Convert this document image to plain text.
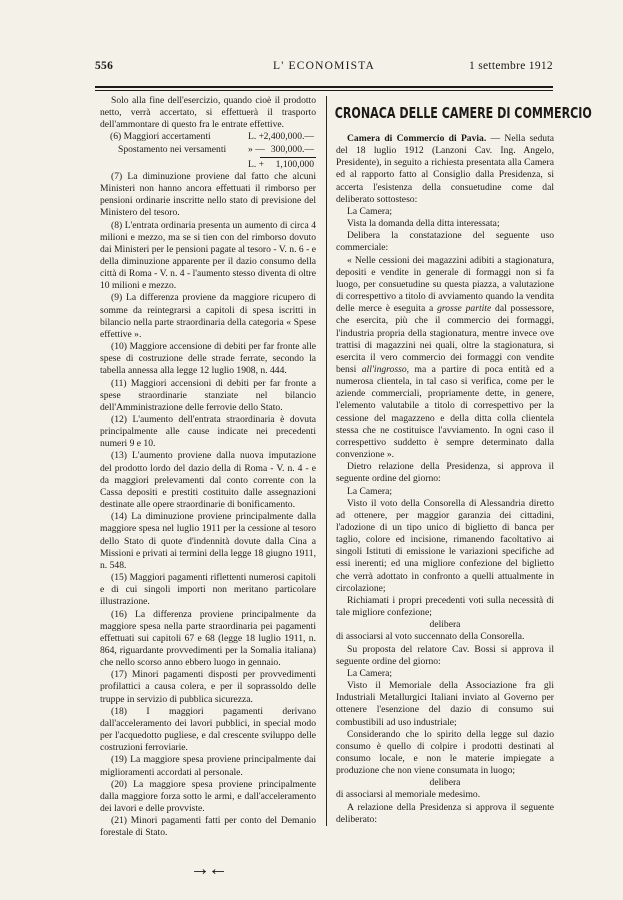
556	L' ECONOMISTA	1 settembre 1912

Solo alla fine dell'esercizio, quando cioè il prodotto netto, verrà accertato, si effettuerà il trasporto dell'ammontare di questo fra le entrate effettive.

(6) Maggiori accertamenti	L. + 2,400,000.—
Spostamento nei versamenti » — 300,000.—
L. + 1,100,000

(7) La diminuzione proviene dal fatto che alcuni Ministeri non hanno ancora effettuati il rimborso per pensioni ordinarie inscritte nello stato di previsione del Ministero del tesoro.

(8) L'entrata ordinaria presenta un aumento di circa 4 milioni e mezzo, ma se si tien con del rimborso dovuto dai Ministeri per le pensioni pagate al tesoro - V. n. 6 - e della diminuzione apparente per il dazio consumo della città di Roma - V. n. 4 - l'aumento stesso diventa di oltre 10 milioni e mezzo.

(9) La differenza proviene da maggiore ricupero di somme da reintegrarsi a capitoli di spesa iscritti in bilancio nella parte straordinaria della categoria « Spese effettive ».

(10) Maggiore accensione di debiti per far fronte alle spese di costruzione delle strade ferrate, secondo la tabella annessa alla legge 12 luglio 1908, n. 444.

(11) Maggiori accensioni di debiti per far fronte a spese straordinarie stanziate nel bilancio dell'Amministrazione delle ferrovie dello Stato.

(12) L'aumento dell'entrata straordinaria è dovuta principalmente alle cause indicate nei precedenti numeri 9 e 10.

(13) L'aumento proviene dalla nuova imputazione del prodotto lordo del dazio della di Roma - V. n. 4 - e da maggiori prelevamenti dal conto corrente con la Cassa depositi e prestiti costituito dalle assegnazioni destinate alle opere straordinarie di bonificamento.

(14) La diminuzione proviene principalmente dalla maggiore spesa nel luglio 1911 per la cessione al tesoro dello Stato di quote d'indennità dovute dalla Cina a Missioni e privati ai termini della legge 18 giugno 1911, n. 548.

(15) Maggiori pagamenti riflettenti numerosi capitoli e di cui singoli importi non meritano particolare illustrazione.

(16) La differenza proviene principalmente da maggiore spesa nella parte straordinaria pei pagamenti effettuati sui capitoli 67 e 68 (legge 18 luglio 1911, n. 864, riguardante provvedimenti per la Somalia italiana) che nello scorso anno ebbero luogo in gennaio.

(17) Minori pagamenti disposti per provvedimenti profilattici a causa colera, e per il soprassoldo delle truppe in servizio di pubblica sicurezza.

(18) I maggiori pagamenti derivano dall'acceleramento dei lavori pubblici, in special modo per l'acquedotto pugliese, e dal crescente sviluppo delle costruzioni ferroviarie.

(19) La maggiore spesa proviene principalmente dai miglioramenti accordati al personale.

(20) La maggiore spesa proviene principalmente dalla maggiore forza sotto le armi, e dall'acceleramento dei lavori e delle provviste.

(21) Minori pagamenti fatti per conto del Demanio forestale di Stato.

→←
CRONACA DELLE CAMERE DI COMMERCIO

Camera di Commercio di Pavia. — Nella seduta del 18 luglio 1912 (Lanzoni Cav. Ing. Angelo, Presidente), in seguito a richiesta presentata alla Camera ed al rapporto fatto al Consiglio dalla Presidenza, si accerta l'esistenza della consuetudine come dal deliberato sottosteso:

La Camera;

Vista la domanda della ditta interessata;

Delibera la constatazione del seguente uso commerciale:

« Nelle cessioni dei magazzini adibiti a stagionatura, depositi e vendite in generale di formaggi non si fa luogo, per consuetudine su questa piazza, a valutazione di correspettivo a titolo di avviamento quando la vendita delle merce è eseguita a grosse partite dal possessore, che esercita, più che il commercio dei formaggi, l'industria propria della stagionatura, mentre invece ove trattisi di magazzini nei quali, oltre la stagionatura, si esercita il vero commercio dei formaggi con vendite bensi all'ingrosso, ma a partire di poca entità ed a numerosa clientela, in tal caso si verifica, come per le aziende commerciali, propriamente dette, in genere, l'elemento valutabile a titolo di correspettivo per la cessione del magazzeno e della ditta colla clientela stessa che ne costituisce l'avviamento. In ogni caso il correspettivo suddetto è sempre determinato dalla convenzione ».

Dietro relazione della Presidenza, si approva il seguente ordine del giorno:

La Camera;

Visto il voto della Consorella di Alessandria diretto ad ottenere, per maggior garanzia dei cittadini, l'adozione di un tipo unico di biglietto di banca per taglio, colore ed incisione, rimanendo facoltativo ai singoli Istituti di emissione le variazioni specifiche ad essi inerenti; ed una migliore confezione del biglietto che verrà adottato in confronto a quelli attualmente in circolazione;

Richiamati i propri precedenti voti sulla necessità di tale migliore confezione;

delibera

di associarsi al voto succennato della Consorella.

Su proposta del relatore Cav. Bossi si approva il seguente ordine del giorno:

La Camera;

Visto il Memoriale della Associazione fra gli Industriali Metallurgici Italiani inviato al Governo per ottenere l'esenzione del dazio di consumo sui combustibili ad uso industriale;

Considerando che lo spirito della legge sul dazio consumo è quello di colpire i prodotti destinati al consumo locale, e non le materie impiegate a produzione che non viene consumata in luogo;

delibera

di associarsi al memoriale medesimo.

A relazione della Presidenza si approva il seguente deliberato:
